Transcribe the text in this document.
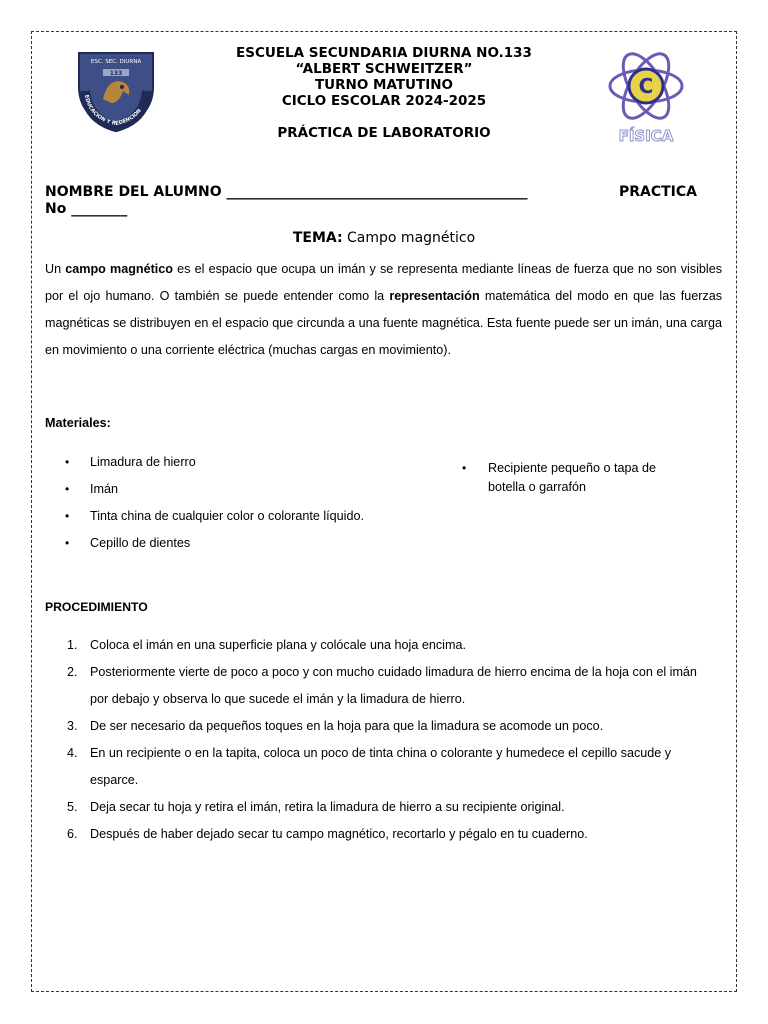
ESC. SEC. DIURNA
133
EDUCACION Y REDENCION
C
FÍSICA
ESCUELA SECUNDARIA DIURNA NO.133
“ALBERT SCHWEITZER”
TURNO MATUTINO
CICLO ESCOLAR 2024-2025
PRÁCTICA DE LABORATORIO
NOMBRE DEL ALUMNO ___________________________________________	PRACTICA
No ________
TEMA: Campo magnético
Un campo magnético es el espacio que ocupa un imán y se representa mediante líneas de fuerza que no son visibles por el ojo humano. O también se puede entender como la representación matemática del modo en que las fuerzas magnéticas se distribuyen en el espacio que circunda a una fuente magnética. Esta fuente puede ser un imán, una carga en movimiento o una corriente eléctrica (muchas cargas en movimiento).
Materiales:
• Limadura de hierro
• Imán
• Tinta china de cualquier color o colorante líquido.
• Cepillo de dientes
• Recipiente pequeño o tapa de botella o garrafón
PROCEDIMIENTO
1. Coloca el imán en una superficie plana y colócale una hoja encima.
2. Posteriormente vierte de poco a poco y con mucho cuidado limadura de hierro encima de la hoja con el imán por debajo y observa lo que sucede el imán y la limadura de hierro.
3. De ser necesario da pequeños toques en la hoja para que la limadura se acomode un poco.
4. En un recipiente o en la tapita, coloca un poco de tinta china o colorante y humedece el cepillo sacude y esparce.
5. Deja secar tu hoja y retira el imán, retira la limadura de hierro a su recipiente original.
6. Después de haber dejado secar tu campo magnético, recortarlo y pégalo en tu cuaderno.
